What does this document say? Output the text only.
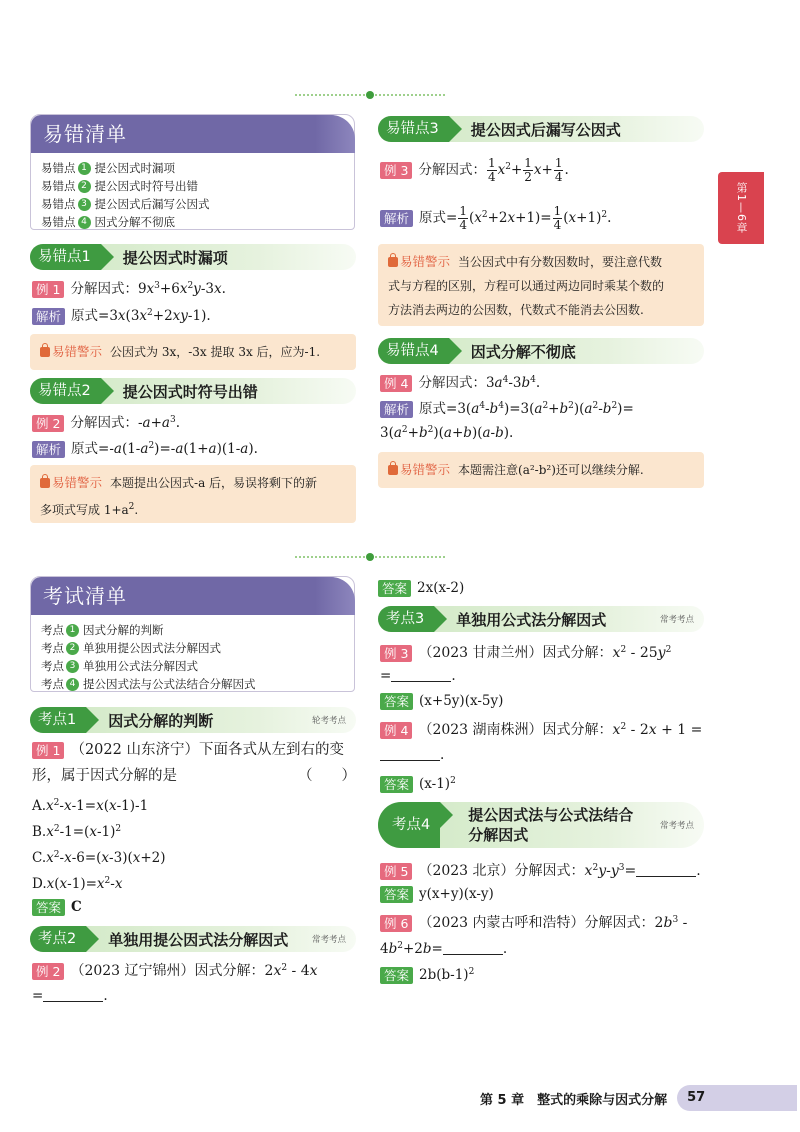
易错清单
易错点 1 提公因式时漏项
易错点 2 提公因式时符号出错
易错点 3 提公因式后漏写公因式
易错点 4 因式分解不彻底
易错点1	提公因式时漏项
例 1 分解因式：$9x^3+6x^2y-3x$.
解析 原式$=3x(3x^2+2xy-1)$.
易错警示 公因式为 3x，-3x 提取 3x 后，应为-1.
易错点2	提公因式时符号出错
例 2 分解因式：$-a+a^3$.
解析 原式$=-a(1-a^2)=-a(1+a)(1-a)$.
易错警示 本题提出公因式-a 后，易误将剩下的新
多项式写成 $1+a^2$.
易错点3	提公因式后漏写公因式
例 3 分解因式： $\frac{1}{4} x^2+ \frac{1}{2} x+ \frac{1}{4}$ .
解析 原式= $\frac{1}{4} (x^2+2x+1)= \frac{1}{4} (x+1)^2$.
易错警示 当公因式中有分数因数时，要注意代数
式与方程的区别，方程可以通过两边同时乘某个数的
方法消去两边的公因数，代数式不能消去公因数.
易错点4	因式分解不彻底
例 4 分解因式：$3a^4-3b^4$.
解析 原式$=3(a^4-b^4)=3(a^2+b^2)(a^2-b^2)=$
$3(a^2+b^2)(a+b)(a-b)$.
易错警示 本题需注意(a²-b²)还可以继续分解.
第1—6章
考试清单
考点 1 因式分解的判断
考点 2 单独用提公因式法分解因式
考点 3 单独用公式法分解因式
考点 4 提公因式法与公式法结合分解因式
考点1	因式分解的判断	轮考考点
例 1 （2022 山东济宁）下面各式从左到右的变
形，属于因式分解的是	（　　）
$A.x^2-x-1=x(x-1)-1$
$B.x^2-1=(x-1)^2$
$C.x^2-x-6=(x-3)(x+2)$
$D.x(x-1)=x^2-x$
答案 C
考点2	单独用提公因式法分解因式	常考考点
例 2 （2023 辽宁锦州）因式分解：$2x^2 - 4x$
=	.
答案 2x(x-2)
考点3	单独用公式法分解因式	常考考点
例 3 （2023 甘肃兰州）因式分解：$x^2 - 25y^2$
=	.
答案 (x+5y)(x-5y)
例 4 （2023 湖南株洲）因式分解：$x^2 - 2x + 1$ =
.
答案 $(x-1)^2$
考点4
提公因式法与公式法结合
分解因式	常考考点
例 5 （2023 北京）分解因式：$x^2y-y^3=$	.
答案 y(x+y)(x-y)
例 6 （2023 内蒙古呼和浩特）分解因式：$2b^3$ -
$4b^2+2b=$	.
答案 $2b(b-1)^2$
第 5 章　整式的乘除与因式分解	57
